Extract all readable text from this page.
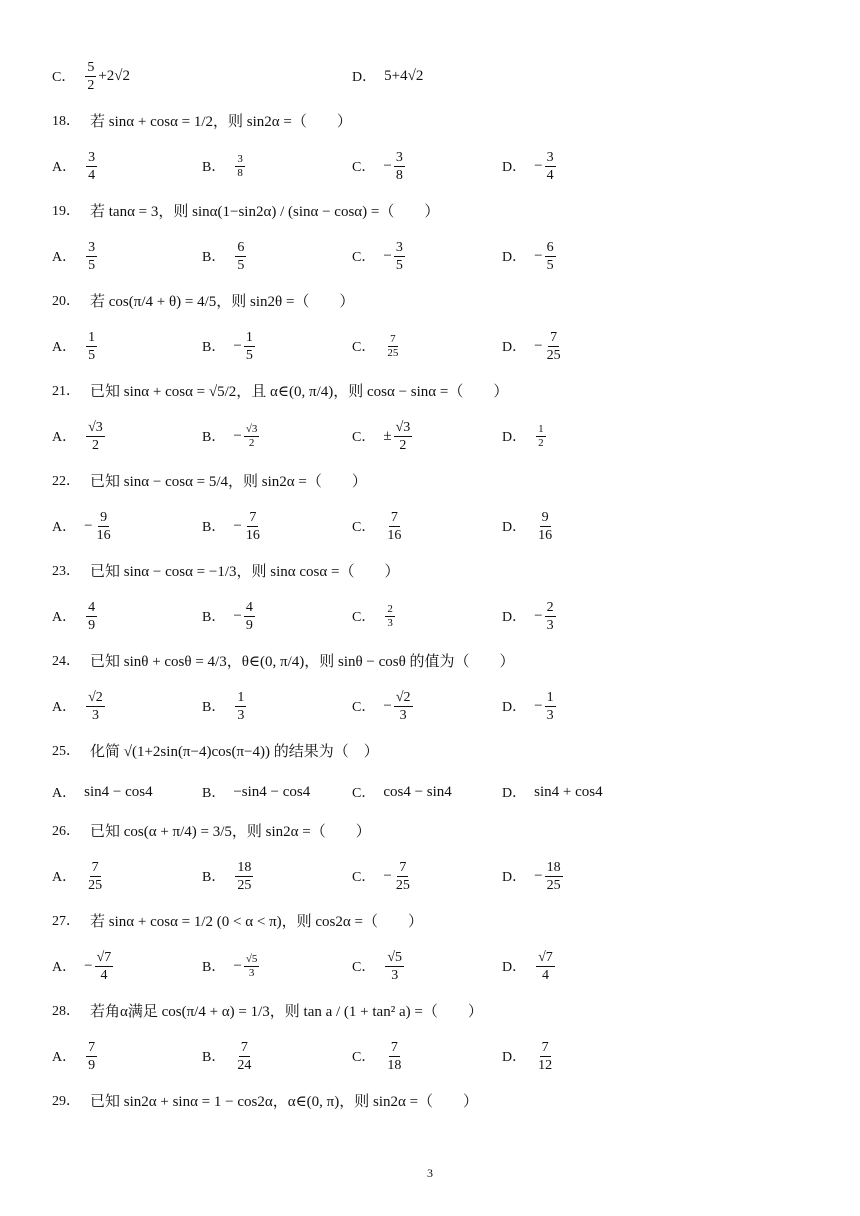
C． $\frac{5}{2} +2√2$	D． 5+4√2
18． 若 sinα + cosα = 1/2，则 sin2α =（　　）
A． $\frac{3}{4}$	B． $\frac{3}{8}$	C． − $\frac{3}{8}$	D． − $\frac{3}{4}$
19． 若 tanα = 3，则 sinα(1−sin2α) / (sinα − cosα) =（　　）
A． $\frac{3}{5}$	B． $\frac{6}{5}$	C． − $\frac{3}{5}$	D． − $\frac{6}{5}$
20． 若 cos(π/4 + θ) = 4/5，则 sin2θ =（　　）
A． $\frac{1}{5}$	B． − $\frac{1}{5}$	C． $\frac{7}{25}$	D． − $\frac{7}{25}$
21． 已知 sinα + cosα = √5/2，且 α∈(0, π/4)，则 cosα − sinα =（　　）
A． $\frac{√3}{2}$	B． − $\frac{√3}{2}$	C． ± $\frac{√3}{2}$	D． $\frac{1}{2}$
22． 已知 sinα − cosα = 5/4，则 sin2α =（　　）
A． − $\frac{9}{16}$	B． − $\frac{7}{16}$	C． $\frac{7}{16}$	D． $\frac{9}{16}$
23． 已知 sinα − cosα = −1/3，则 sinα cosα =（　　）
A． $\frac{4}{9}$	B． − $\frac{4}{9}$	C． $\frac{2}{3}$	D． − $\frac{2}{3}$
24． 已知 sinθ + cosθ = 4/3，θ∈(0, π/4)，则 sinθ − cosθ 的值为（　　）
A． $\frac{√2}{3}$	B． $\frac{1}{3}$	C． − $\frac{√2}{3}$	D． − $\frac{1}{3}$
25． 化简 √(1+2sin(π−4)cos(π−4)) 的结果为（　）
A． sin4 − cos4	B． −sin4 − cos4	C． cos4 − sin4	D． sin4 + cos4
26． 已知 cos(α + π/4) = 3/5，则 sin2α =（　　）
A． $\frac{7}{25}$	B． $\frac{18}{25}$	C． − $\frac{7}{25}$	D． − $\frac{18}{25}$
27． 若 sinα + cosα = 1/2 (0 < α < π)，则 cos2α =（　　）
A． − $\frac{√7}{4}$	B． − $\frac{√5}{3}$	C． $\frac{√5}{3}$	D． $\frac{√7}{4}$
28． 若角α满足 cos(π/4 + α) = 1/3，则 tan a / (1 + tan² a) =（　　）
A． $\frac{7}{9}$	B． $\frac{7}{24}$	C． $\frac{7}{18}$	D． $\frac{7}{12}$
29． 已知 sin2α + sinα = 1 − cos2α，α∈(0, π)，则 sin2α =（　　）
3
